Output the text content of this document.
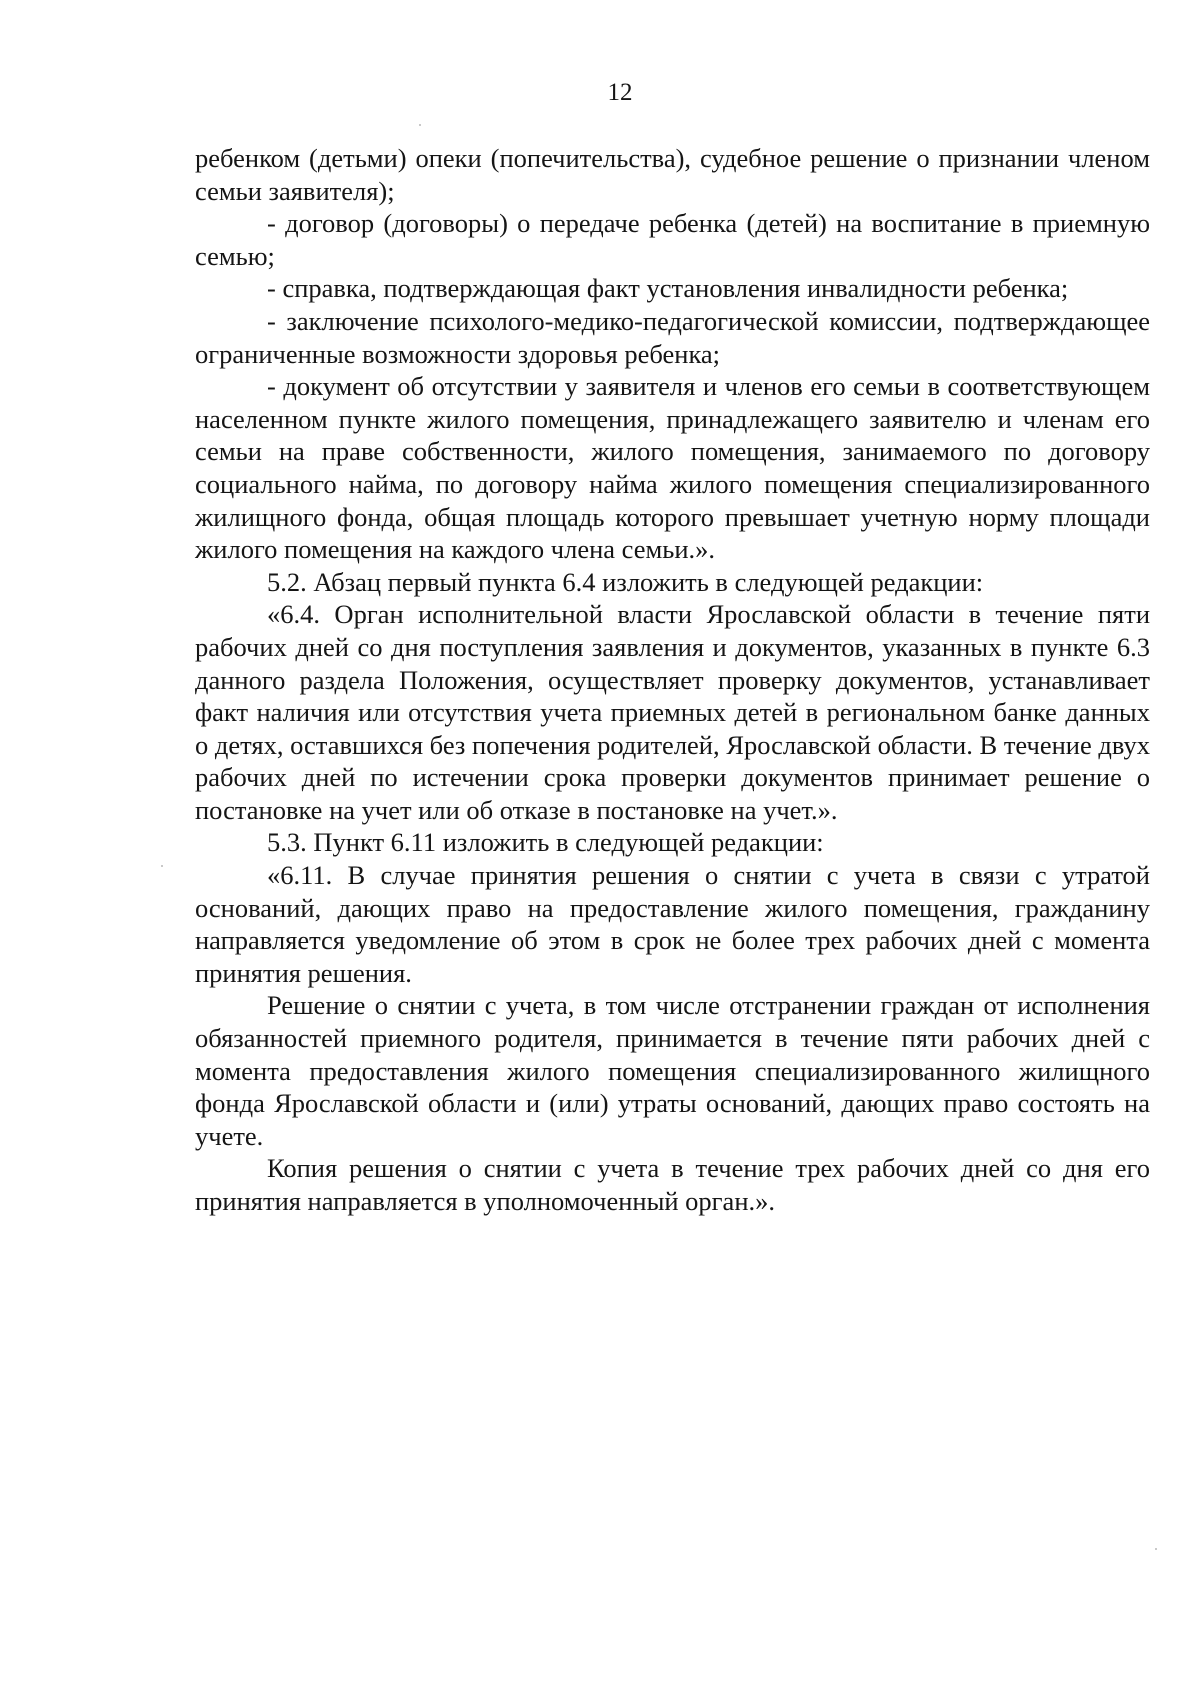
12

ребенком (детьми) опеки (попечительства), судебное решение о признании членом семьи заявителя);

- договор (договоры) о передаче ребенка (детей) на воспитание в приемную семью;

- справка, подтверждающая факт установления инвалидности ребенка;

- заключение психолого-медико-педагогической комиссии, подтверждающее ограниченные возможности здоровья ребенка;

- документ об отсутствии у заявителя и членов его семьи в соответствующем населенном пункте жилого помещения, принадлежащего заявителю и членам его семьи на праве собственности, жилого помещения, занимаемого по договору социального найма, по договору найма жилого помещения специализированного жилищного фонда, общая площадь которого превышает учетную норму площади жилого помещения на каждого члена семьи.».

5.2. Абзац первый пункта 6.4 изложить в следующей редакции:

«6.4. Орган исполнительной власти Ярославской области в течение пяти рабочих дней со дня поступления заявления и документов, указанных в пункте 6.3 данного раздела Положения, осуществляет проверку документов, устанавливает факт наличия или отсутствия учета приемных детей в региональном банке данных о детях, оставшихся без попечения родителей, Ярославской области. В течение двух рабочих дней по истечении срока проверки документов принимает решение о постановке на учет или об отказе в постановке на учет.».

5.3. Пункт 6.11 изложить в следующей редакции:

«6.11. В случае принятия решения о снятии с учета в связи с утратой оснований, дающих право на предоставление жилого помещения, гражданину направляется уведомление об этом в срок не более трех рабочих дней с момента принятия решения.

Решение о снятии с учета, в том числе отстранении граждан от исполнения обязанностей приемного родителя, принимается в течение пяти рабочих дней с момента предоставления жилого помещения специализированного жилищного фонда Ярославской области и (или) утраты оснований, дающих право состоять на учете.

Копия решения о снятии с учета в течение трех рабочих дней со дня его принятия направляется в уполномоченный орган.».
